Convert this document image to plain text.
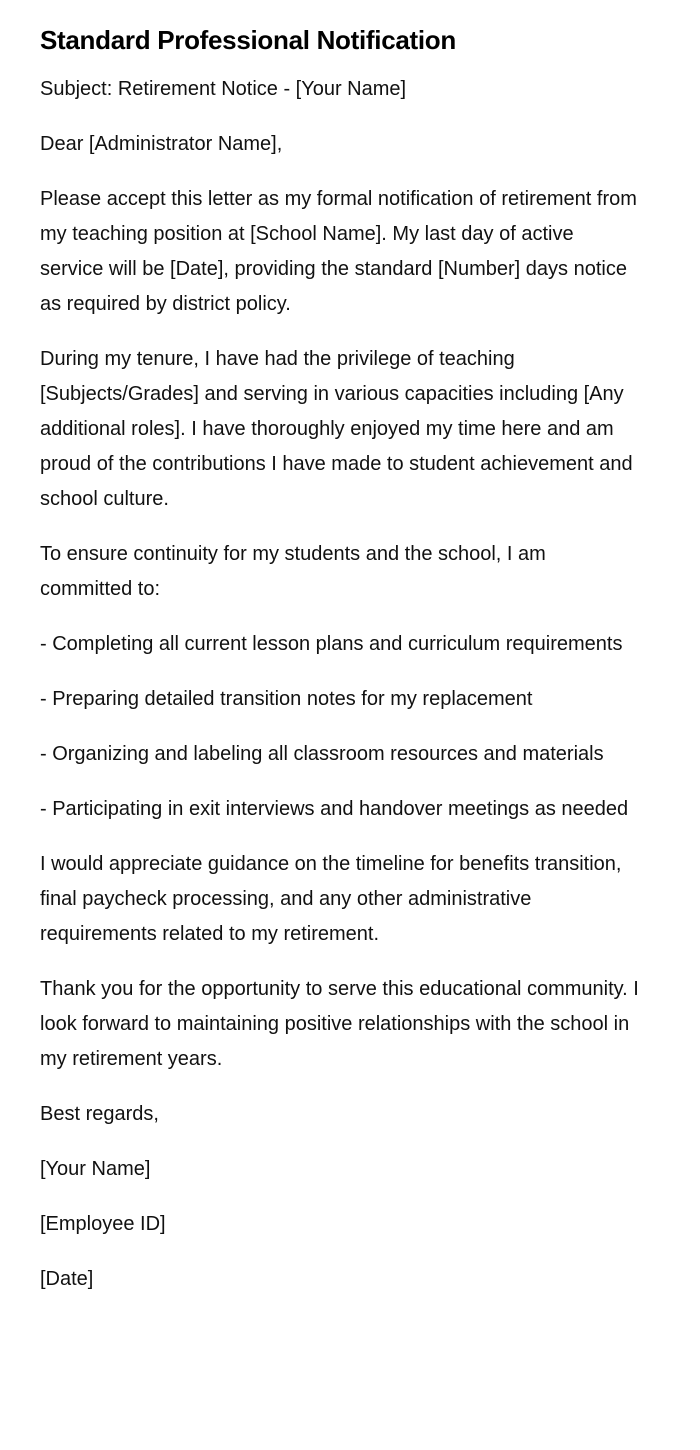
Standard Professional Notification

Subject: Retirement Notice - [Your Name]

Dear [Administrator Name],

Please accept this letter as my formal notification of retirement from my teaching position at [School Name]. My last day of active service will be [Date], providing the standard [Number] days notice as required by district policy.

During my tenure, I have had the privilege of teaching [Subjects/Grades] and serving in various capacities including [Any additional roles]. I have thoroughly enjoyed my time here and am proud of the contributions I have made to student achievement and school culture.

To ensure continuity for my students and the school, I am committed to:

- Completing all current lesson plans and curriculum requirements

- Preparing detailed transition notes for my replacement

- Organizing and labeling all classroom resources and materials

- Participating in exit interviews and handover meetings as needed

I would appreciate guidance on the timeline for benefits transition, final paycheck processing, and any other administrative requirements related to my retirement.

Thank you for the opportunity to serve this educational community. I look forward to maintaining positive relationships with the school in my retirement years.

Best regards,

[Your Name]

[Employee ID]

[Date]
